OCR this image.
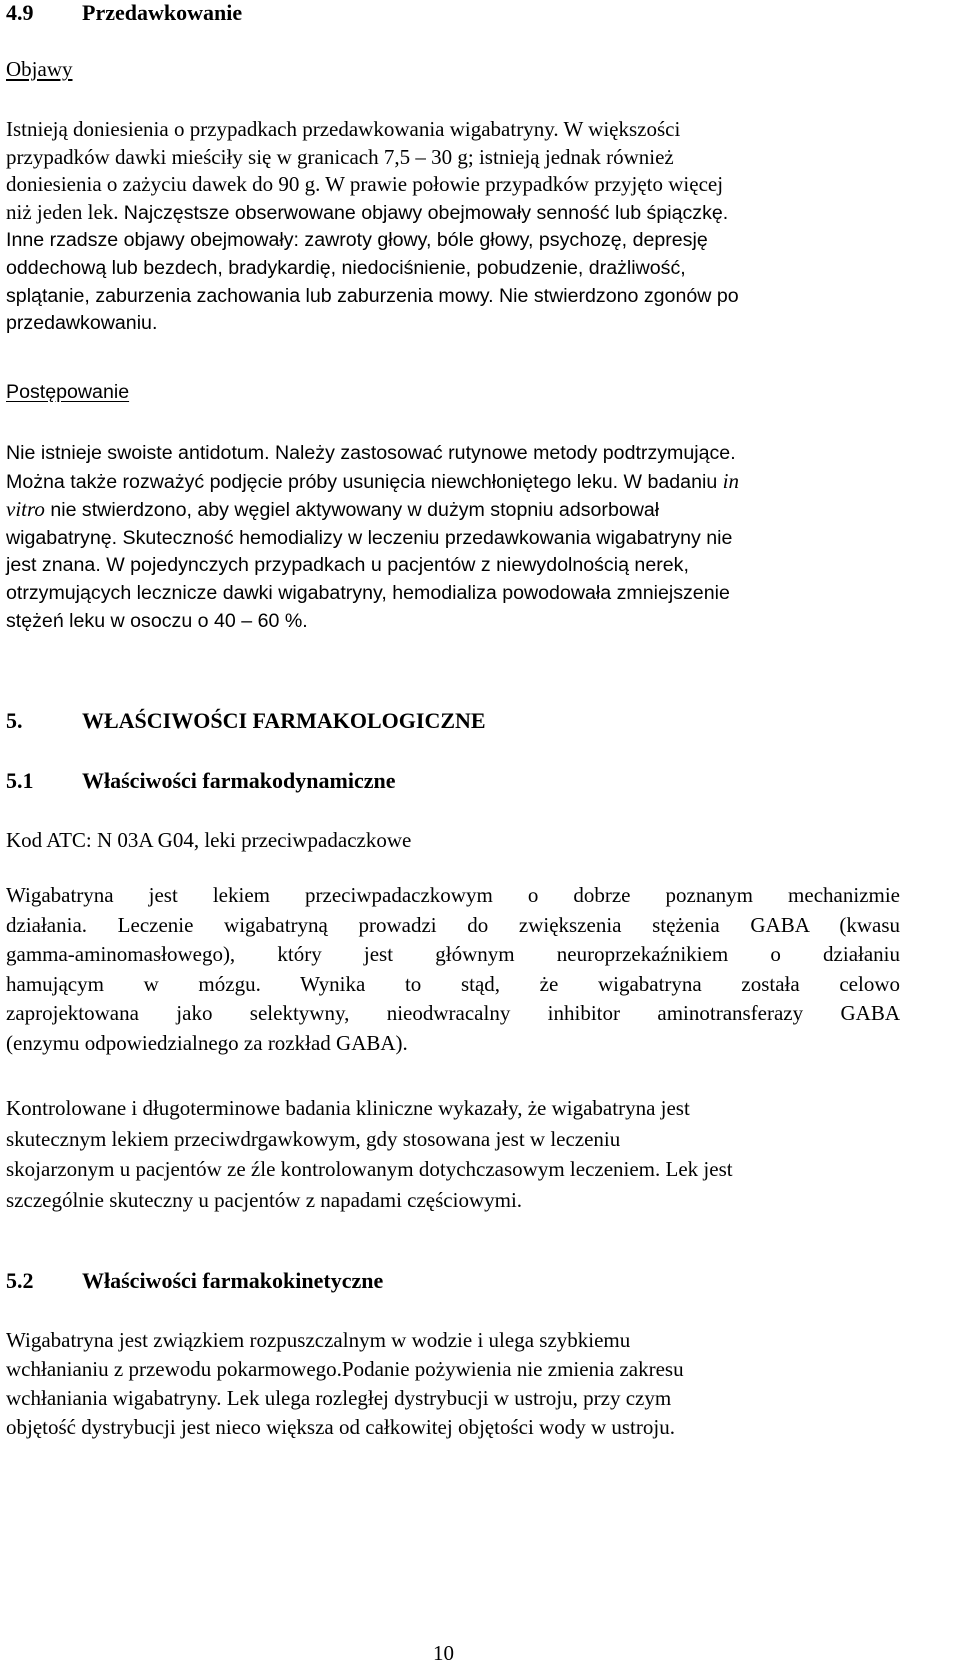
4.9 Przedawkowanie
Objawy
Istnieją doniesienia o przypadkach przedawkowania wigabatryny. W większości
przypadków dawki mieściły się w granicach 7,5 – 30 g; istnieją jednak również
doniesienia o zażyciu dawek do 90 g. W prawie połowie przypadków przyjęto więcej
niż jeden lek. Najczęstsze obserwowane objawy obejmowały senność lub śpiączkę.
Inne rzadsze objawy obejmowały: zawroty głowy, bóle głowy, psychozę, depresję
oddechową lub bezdech, bradykardię, niedociśnienie, pobudzenie, drażliwość,
splątanie, zaburzenia zachowania lub zaburzenia mowy. Nie stwierdzono zgonów po
przedawkowaniu.
Postępowanie
Nie istnieje swoiste antidotum. Należy zastosować rutynowe metody podtrzymujące.
Można także rozważyć podjęcie próby usunięcia niewchłoniętego leku. W badaniu in
vitro nie stwierdzono, aby węgiel aktywowany w dużym stopniu adsorbował
wigabatrynę. Skuteczność hemodializy w leczeniu przedawkowania wigabatryny nie
jest znana. W pojedynczych przypadkach u pacjentów z niewydolnością nerek,
otrzymujących lecznicze dawki wigabatryny, hemodializa powodowała zmniejszenie
stężeń leku w osoczu o 40 – 60 %.
5.	WŁAŚCIWOŚCI FARMAKOLOGICZNE
5.1 Właściwości farmakodynamiczne
Kod ATC: N 03A G04, leki przeciwpadaczkowe
Wigabatryna jest lekiem przeciwpadaczkowym o dobrze poznanym mechanizmie
działania. Leczenie wigabatryną prowadzi do zwiększenia stężenia GABA (kwasu
gamma-aminomasłowego), który jest głównym neuroprzekaźnikiem o działaniu
hamującym w mózgu. Wynika to stąd, że wigabatryna została celowo
zaprojektowana jako selektywny, nieodwracalny inhibitor aminotransferazy GABA
(enzymu odpowiedzialnego za rozkład GABA).
Kontrolowane i długoterminowe badania kliniczne wykazały, że wigabatryna jest
skutecznym lekiem przeciwdrgawkowym, gdy stosowana jest w leczeniu
skojarzonym u pacjentów ze źle kontrolowanym dotychczasowym leczeniem. Lek jest
szczególnie skuteczny u pacjentów z napadami częściowymi.
5.2 Właściwości farmakokinetyczne
Wigabatryna jest związkiem rozpuszczalnym w wodzie i ulega szybkiemu
wchłanianiu z przewodu pokarmowego.Podanie pożywienia nie zmienia zakresu
wchłaniania wigabatryny. Lek ulega rozległej dystrybucji w ustroju, przy czym
objętość dystrybucji jest nieco większa od całkowitej objętości wody w ustroju.
10
